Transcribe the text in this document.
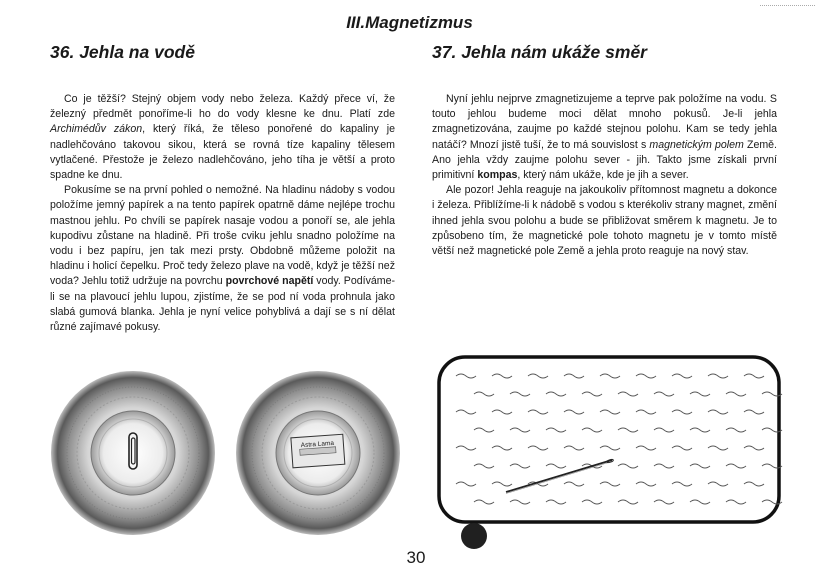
III.Magnetizmus
36. Jehla na vodě	37. Jehla nám ukáže směr

Co je těžší? Stejný objem vody nebo železa. Každý přece ví, že železný předmět ponoříme-li ho do vody klesne ke dnu. Platí zde Archimédův zákon, který říká, že těleso ponořené do kapaliny je nadlehčováno takovou sikou, která se rovná tíze kapaliny tělesem vytlačené. Přestože je železo nadlehčováno, jeho tíha je větší a proto spadne ke dnu.

Pokusíme se na první pohled o nemožné. Na hladinu nádoby s vodou položíme jemný papírek a na tento papírek opatrně dáme nejlépe trochu mastnou jehlu. Po chvíli se papírek nasaje vodou a ponoří se, ale jehla kupodivu zůstane na hladině. Při troše cviku jehlu snadno položíme na vodu i bez papíru, jen tak mezi prsty. Obdobně můžeme položit na hladinu i holicí čepelku. Proč tedy železo plave na vodě, když je těžší než voda? Jehlu totiž udržuje na povrchu povrchové napětí vody. Podíváme-li se na plavoucí jehlu lupou, zjistíme, že se pod ní voda prohnula jako slabá gumová blanka. Jehla je nyní velice pohyblivá a dají se s ní dělat různé zajímavé pokusy.

Nyní jehlu nejprve zmagnetizujeme a teprve pak položíme na vodu. S touto jehlou budeme moci dělat mnoho pokusů. Je-li jehla zmagnetizována, zaujme po každé stejnou polohu. Kam se tedy jehla natáčí? Mnozí jistě tuší, že to má souvislost s magnetickým polem Země. Ano jehla vždy zaujme polohu sever - jih. Takto jsme získali první primitivní kompas, který nám ukáže, kde je jih a sever.

Ale pozor! Jehla reaguje na jakoukoliv přítomnost magnetu a dokonce i železa. Přiblížíme-li k nádobě s vodou s kterékoliv strany magnet, změní ihned jehla svou polohu a bude se přibližovat směrem k magnetu. Je to způsobeno tím, že magnetické pole tohoto magnetu je v tomto místě větší než magnetické pole Země a jehla proto reaguje na nový stav.

Astra Lama
30
